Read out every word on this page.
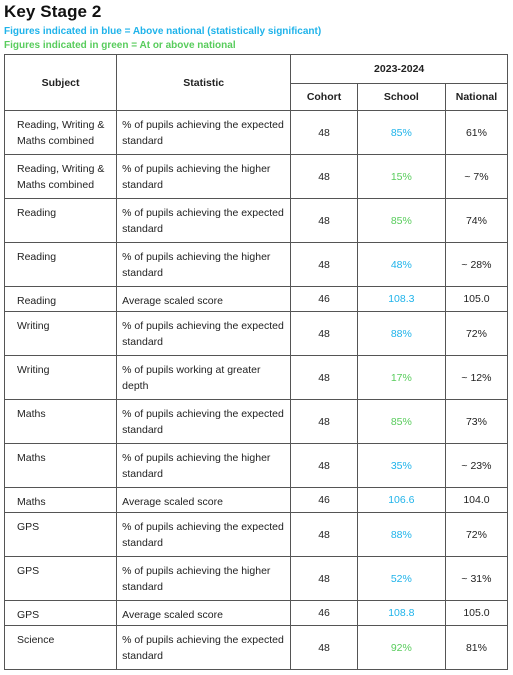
Key Stage 2
Figures indicated in blue = Above national (statistically significant)
Figures indicated in green = At or above national
Subject	Statistic	2023-2024		
		Cohort	School	National
Reading, Writing & Maths combined	% of pupils achieving the expected standard	48	85%	61%
Reading, Writing & Maths combined	% of pupils achieving the higher standard	48	15%	~ 7%
Reading	% of pupils achieving the expected standard	48	85%	74%
Reading	% of pupils achieving the higher standard	48	48%	~ 28%
Reading	Average scaled score	46	108.3	105.0
Writing	% of pupils achieving the expected standard	48	88%	72%
Writing	% of pupils working at greater depth	48	17%	~ 12%
Maths	% of pupils achieving the expected standard	48	85%	73%
Maths	% of pupils achieving the higher standard	48	35%	~ 23%
Maths	Average scaled score	46	106.6	104.0
GPS	% of pupils achieving the expected standard	48	88%	72%
GPS	% of pupils achieving the higher standard	48	52%	~ 31%
GPS	Average scaled score	46	108.8	105.0
Science	% of pupils achieving the expected standard	48	92%	81%
